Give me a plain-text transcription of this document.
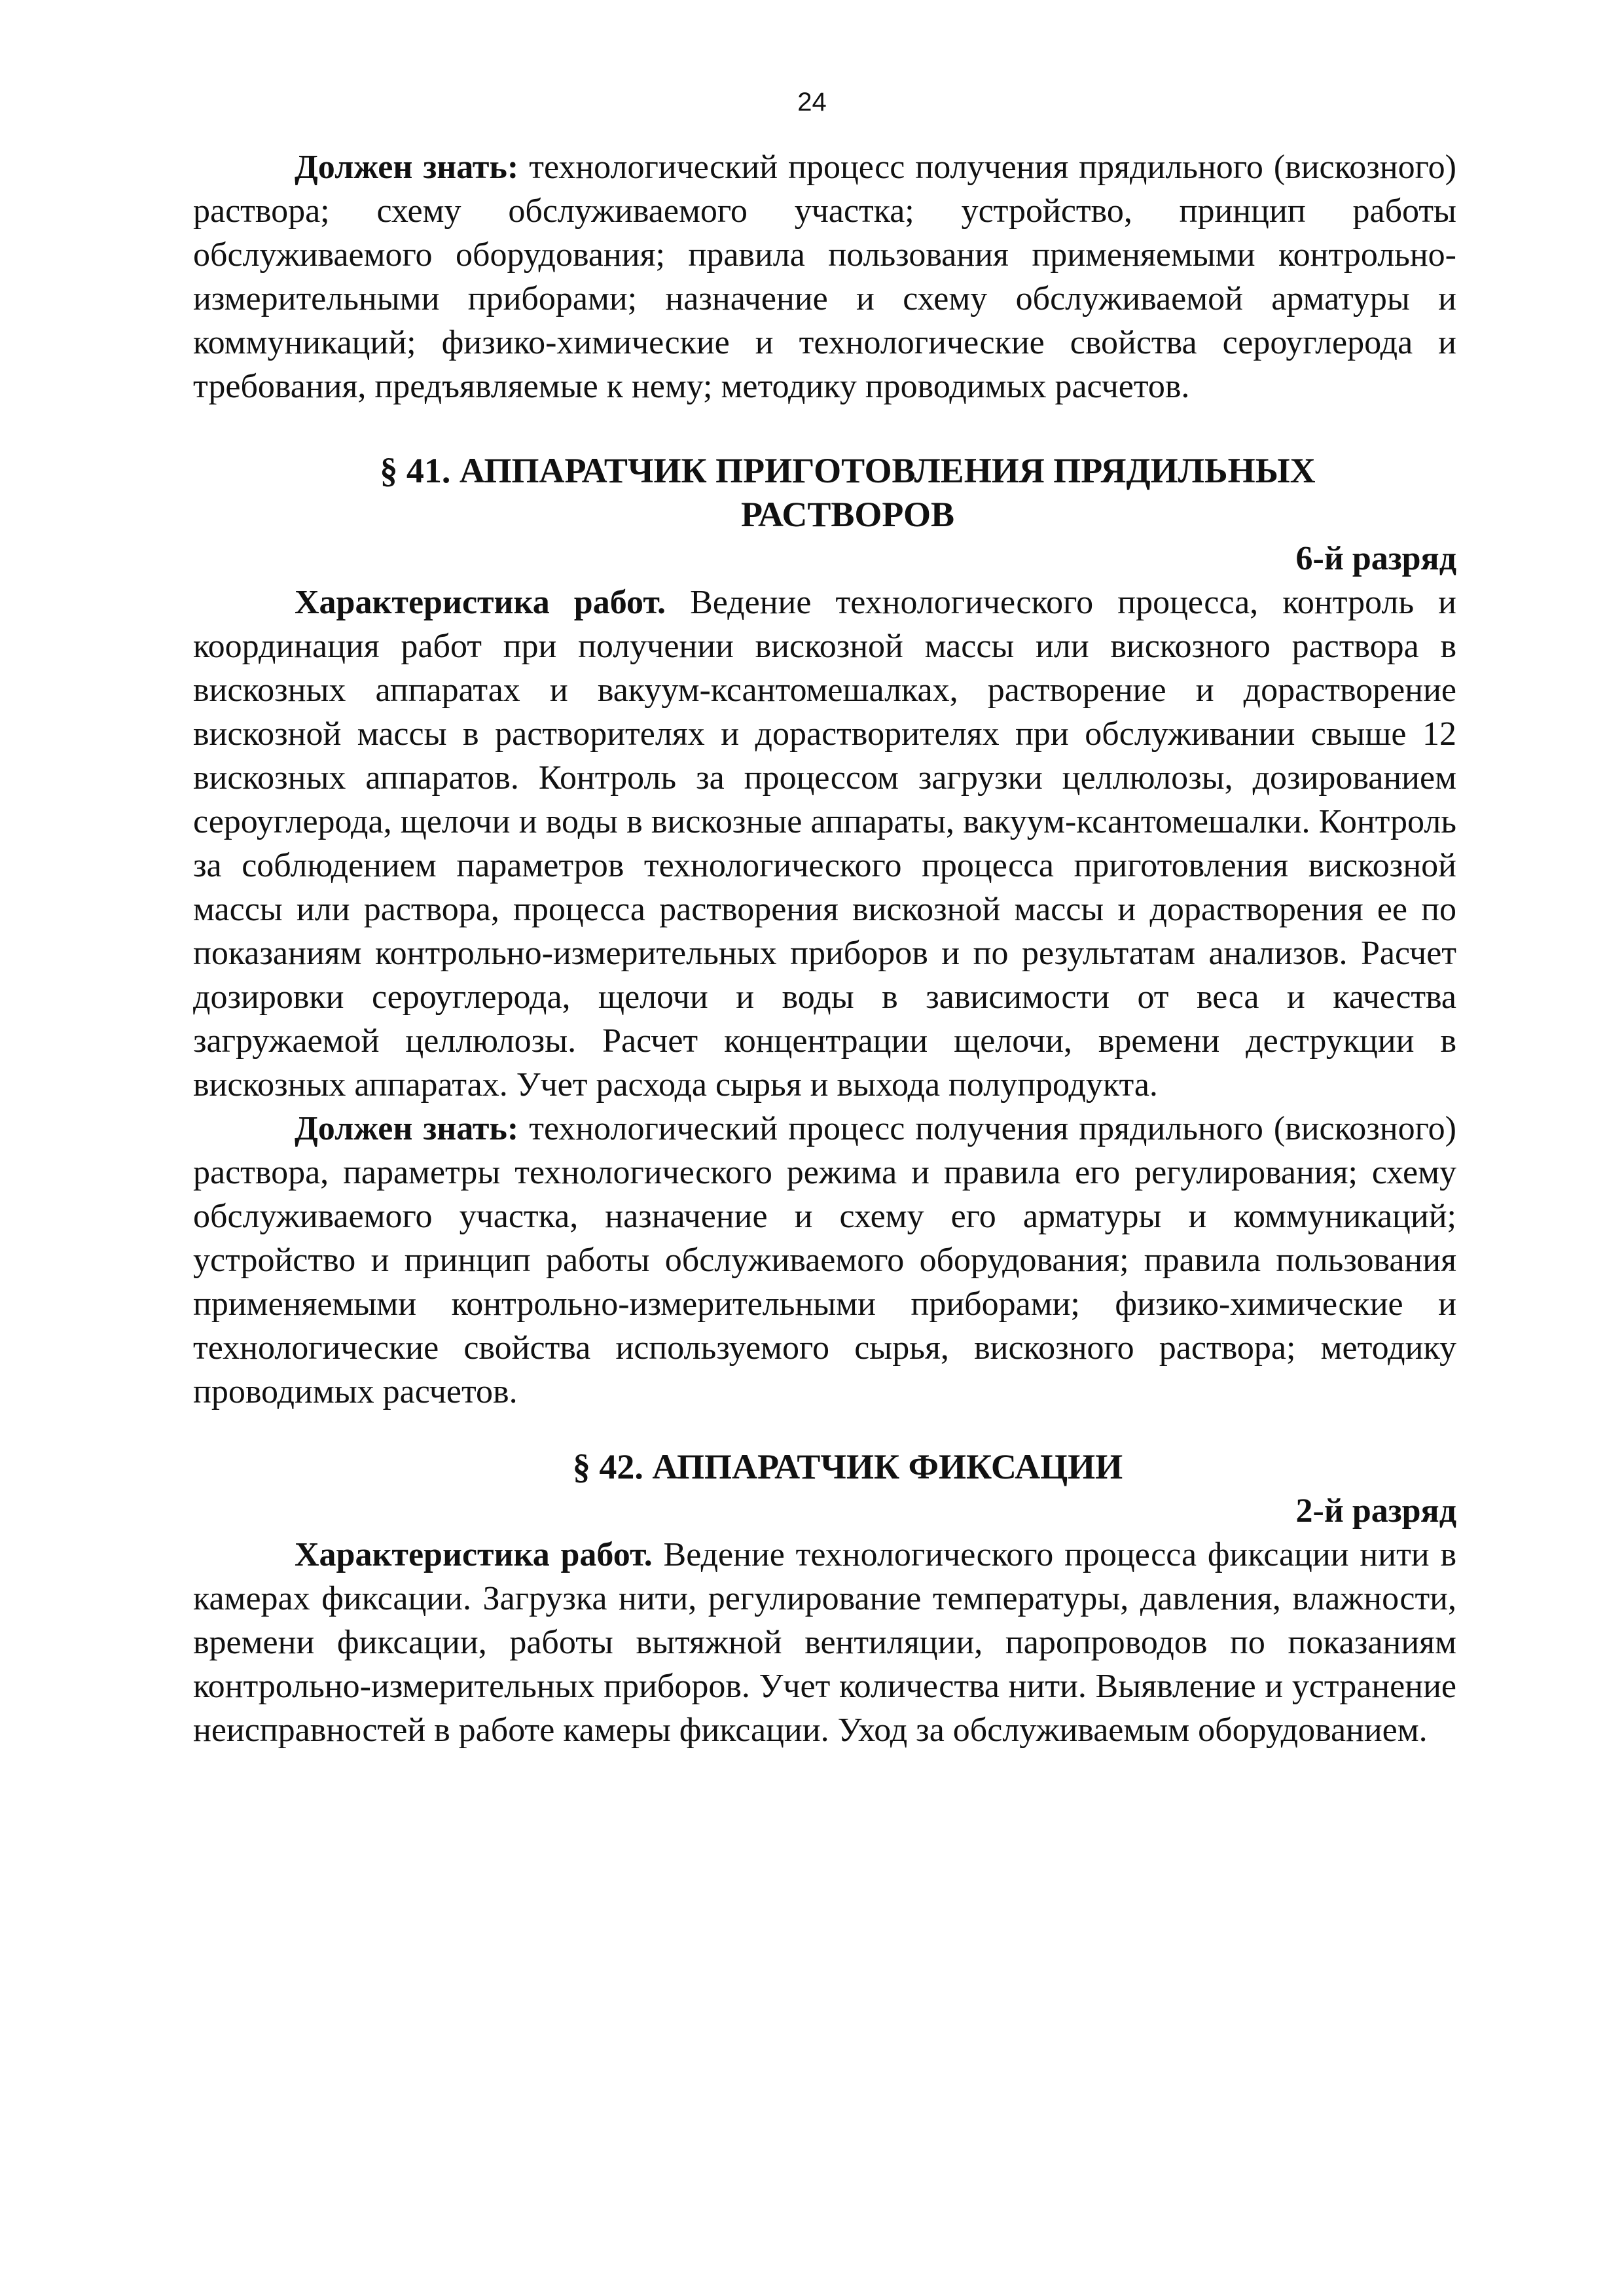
24

Должен знать: технологический процесс получения прядильного (вискозного) раствора; схему обслуживаемого участка; устройство, принцип работы обслуживаемого оборудования; правила пользования применяемыми контрольно-измерительными приборами; назначение и схему обслуживаемой арматуры и коммуникаций; физико-химические и технологические свойства сероуглерода и требования, предъявляемые к нему; методику проводимых расчетов.

§ 41. АППАРАТЧИК ПРИГОТОВЛЕНИЯ ПРЯДИЛЬНЫХ
РАСТВОРОВ
6-й разряд

Характеристика работ. Ведение технологического процесса, контроль и координация работ при получении вискозной массы или вискозного раствора в вискозных аппаратах и вакуум-ксантомешалках, растворение и дорастворение вискозной массы в растворителях и дорастворителях при обслуживании свыше 12 вискозных аппаратов. Контроль за процессом загрузки целлюлозы, дозированием сероуглерода, щелочи и воды в вискозные аппараты, вакуум-ксантомешалки. Контроль за соблюдением параметров технологического процесса приготовления вискозной массы или раствора, процесса растворения вискозной массы и дорастворения ее по показаниям контрольно-измерительных приборов и по результатам анализов. Расчет дозировки сероуглерода, щелочи и воды в зависимости от веса и качества загружаемой целлюлозы. Расчет концентрации щелочи, времени деструкции в вискозных аппаратах. Учет расхода сырья и выхода полупродукта.

Должен знать: технологический процесс получения прядильного (вискозного) раствора, параметры технологического режима и правила его регулирования; схему обслуживаемого участка, назначение и схему его арматуры и коммуникаций; устройство и принцип работы обслуживаемого оборудования; правила пользования применяемыми контрольно-измерительными приборами; физико-химические и технологические свойства используемого сырья, вискозного раствора; методику проводимых расчетов.

§ 42. АППАРАТЧИК ФИКСАЦИИ
2-й разряд

Характеристика работ. Ведение технологического процесса фиксации нити в камерах фиксации. Загрузка нити, регулирование температуры, давления, влажности, времени фиксации, работы вытяжной вентиляции, паропроводов по показаниям контрольно-измерительных приборов. Учет количества нити. Выявление и устранение неисправностей в работе камеры фиксации. Уход за обслуживаемым оборудованием.
